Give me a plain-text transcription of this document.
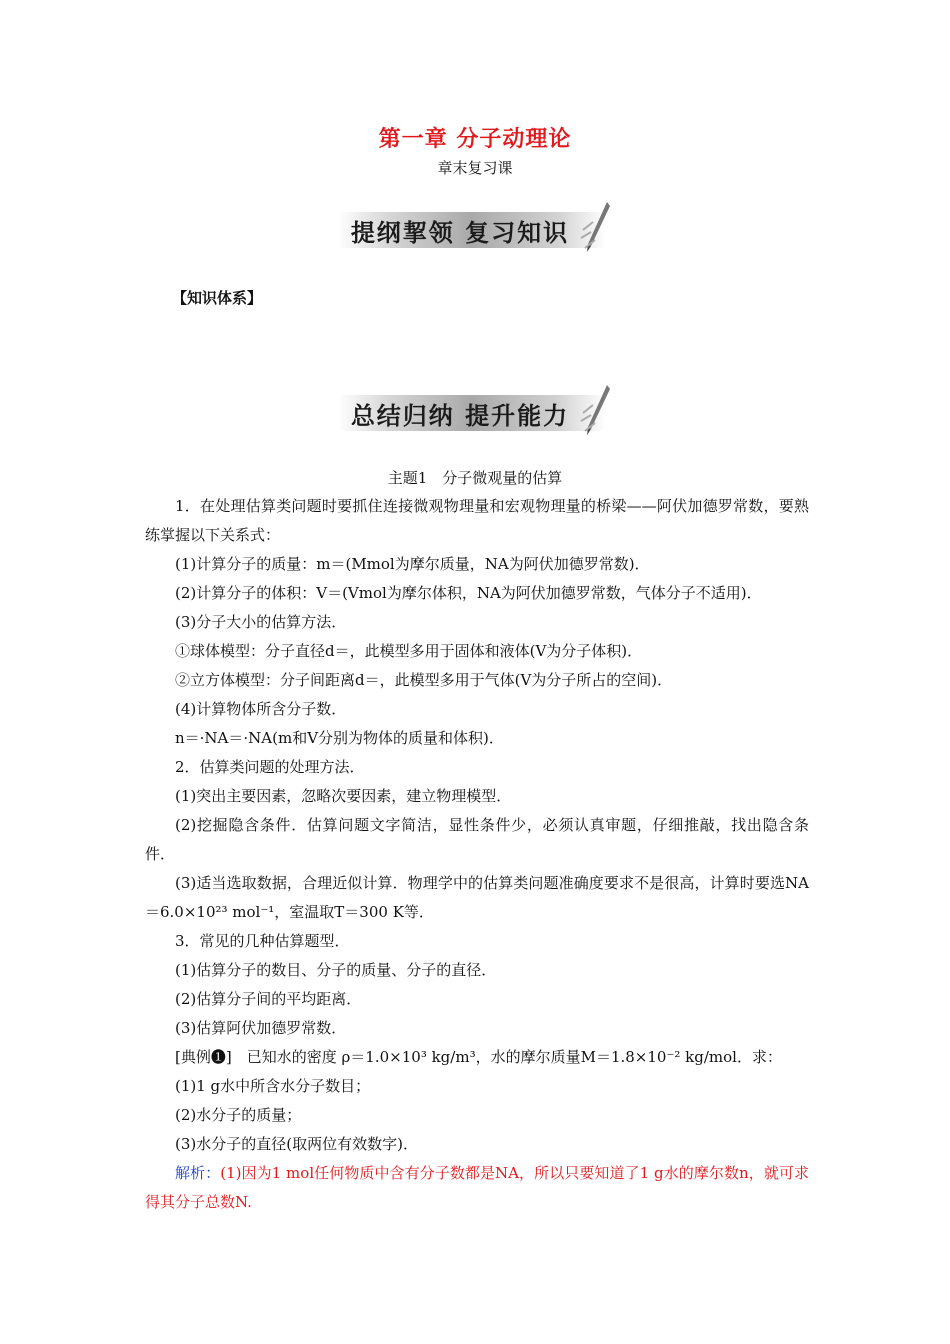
第一章 分子动理论
章末复习课
提纲挈领 复习知识
【知识体系】
总结归纳 提升能力
主题1　分子微观量的估算

1．在处理估算类问题时要抓住连接微观物理量和宏观物理量的桥梁——阿伏加德罗常数，要熟练掌握以下关系式：

(1)计算分子的质量：m＝(Mmol为摩尔质量，NA为阿伏加德罗常数)．

(2)计算分子的体积：V＝(Vmol为摩尔体积，NA为阿伏加德罗常数，气体分子不适用)．

(3)分子大小的估算方法．

①球体模型：分子直径d＝，此模型多用于固体和液体(V为分子体积)．

②立方体模型：分子间距离d＝，此模型多用于气体(V为分子所占的空间)．

(4)计算物体所含分子数．

n＝·NA＝·NA(m和V分别为物体的质量和体积)．

2．估算类问题的处理方法．

(1)突出主要因素，忽略次要因素，建立物理模型．

(2)挖掘隐含条件．估算问题文字简洁，显性条件少，必须认真审题，仔细推敲，找出隐含条件．

(3)适当选取数据，合理近似计算．物理学中的估算类问题准确度要求不是很高，计算时要选NA＝6.0×10²³ mol⁻¹，室温取T＝300 K等．

3．常见的几种估算题型．

(1)估算分子的数目、分子的质量、分子的直径．

(2)估算分子间的平均距离．

(3)估算阿伏加德罗常数．

[典例❶]　已知水的密度 ρ＝1.0×10³ kg/m³，水的摩尔质量M＝1.8×10⁻² kg/mol．求：

(1)1 g水中所含水分子数目；

(2)水分子的质量；

(3)水分子的直径(取两位有效数字)．

解析：(1)因为1 mol任何物质中含有分子数都是NA，所以只要知道了1 g水的摩尔数n，就可求得其分子总数N.
